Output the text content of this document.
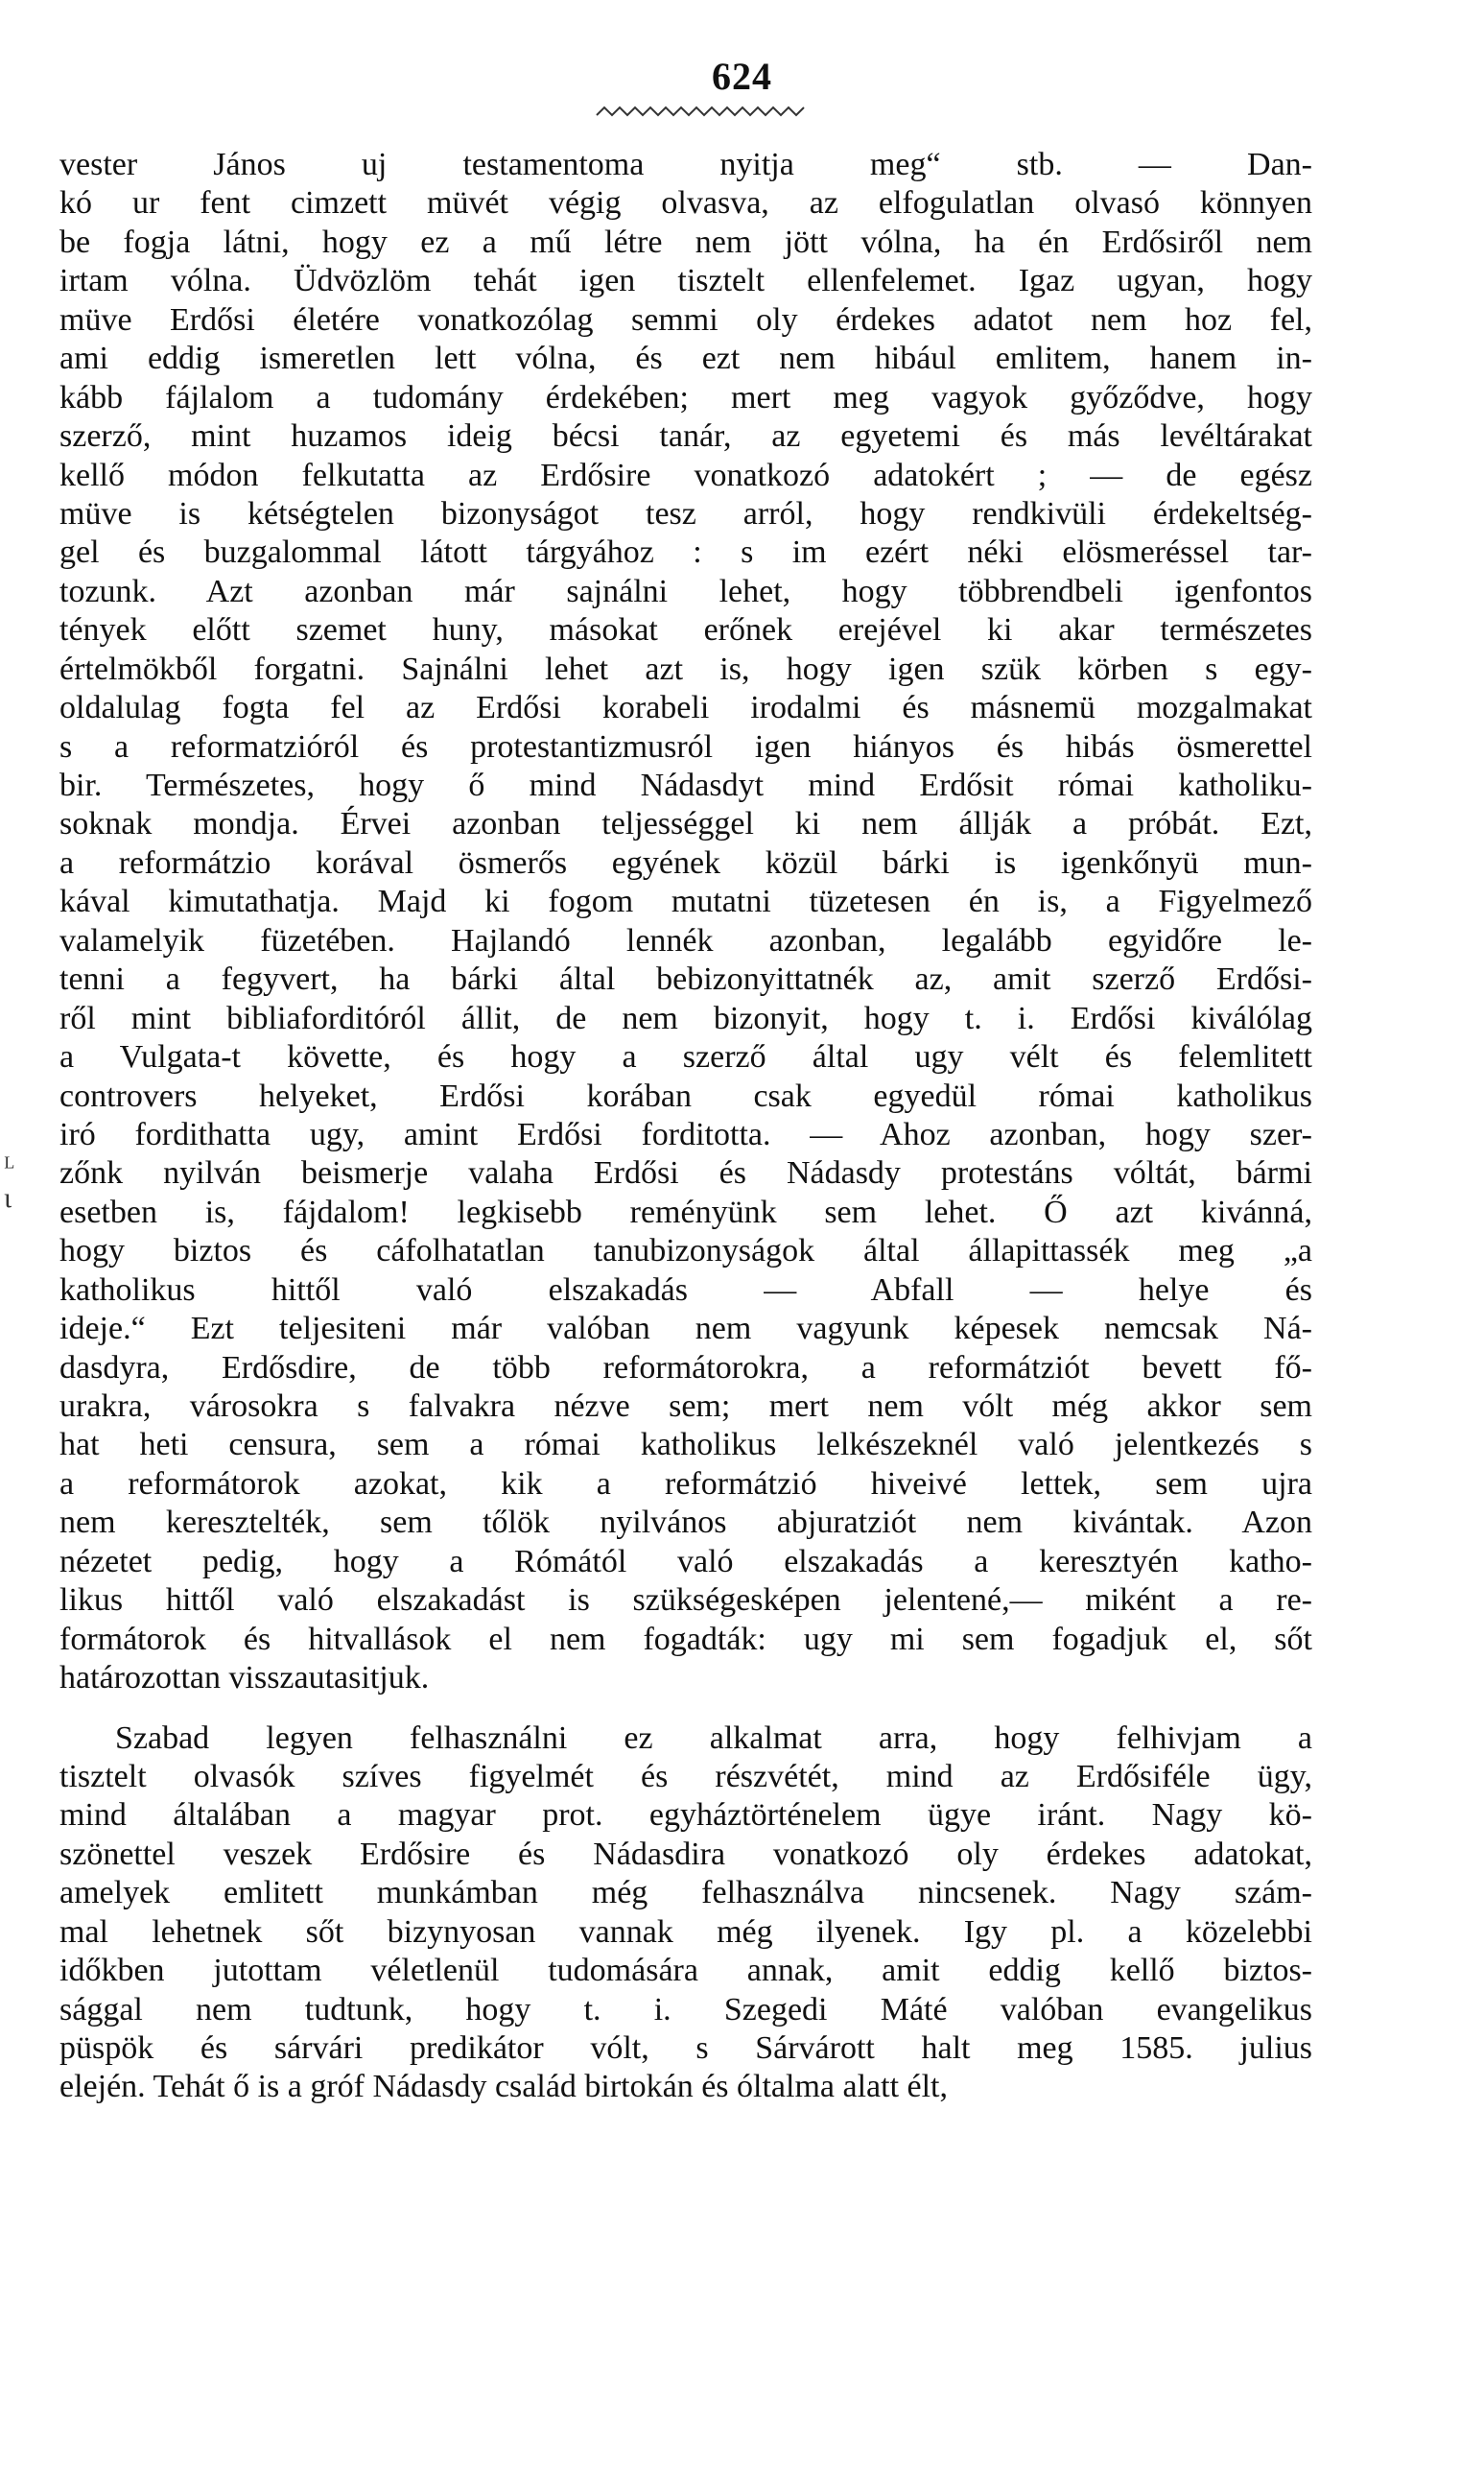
624
ᴸ
ι
vester János uj testamentoma nyitja meg“ stb. — Dan-
kó ur fent cimzett müvét végig olvasva, az elfogulatlan olvasó könnyen
be fogja látni, hogy ez a mű létre nem jött vólna, ha én Erdősiről nem
irtam vólna. Üdvözlöm tehát igen tisztelt ellenfelemet. Igaz ugyan, hogy
müve Erdősi életére vonatkozólag semmi oly érdekes adatot nem hoz fel,
ami eddig ismeretlen lett vólna, és ezt nem hibául emlitem, hanem in-
kább fájlalom a tudomány érdekében; mert meg vagyok győződve, hogy
szerző, mint huzamos ideig bécsi tanár, az egyetemi és más levéltárakat
kellő módon felkutatta az Erdősire vonatkozó adatokért ; — de egész
müve is kétségtelen bizonyságot tesz arról, hogy rendkivüli érdekeltség-
gel és buzgalommal látott tárgyához : s im ezért néki elösmeréssel tar-
tozunk. Azt azonban már sajnálni lehet, hogy többrendbeli igenfontos
tények előtt szemet huny, másokat erőnek erejével ki akar természetes
értelmökből forgatni. Sajnálni lehet azt is, hogy igen szük körben s egy-
oldalulag fogta fel az Erdősi korabeli irodalmi és másnemü mozgalmakat
s a reformatzióról és protestantizmusról igen hiányos és hibás ösmerettel
bir. Természetes, hogy ő mind Nádasdyt mind Erdősit római katholiku-
soknak mondja. Érvei azonban teljességgel ki nem állják a próbát. Ezt,
a reformátzio korával ösmerős egyének közül bárki is igenkőnyü mun-
kával kimutathatja. Majd ki fogom mutatni tüzetesen én is, a Figyelmező
valamelyik füzetében. Hajlandó lennék azonban, legalább egyidőre le-
tenni a fegyvert, ha bárki által bebizonyittatnék az, amit szerző Erdősi-
ről mint bibliaforditóról állit, de nem bizonyit, hogy t. i. Erdősi kiválólag
a Vulgata-t követte, és hogy a szerző által ugy vélt és felemlitett
controvers helyeket, Erdősi korában csak egyedül római katholikus
iró fordithatta ugy, amint Erdősi forditotta. — Ahoz azonban, hogy szer-
zőnk nyilván beismerje valaha Erdősi és Nádasdy protestáns vóltát, bármi
esetben is, fájdalom! legkisebb reményünk sem lehet. Ő azt kivánná,
hogy biztos és cáfolhatatlan tanubizonyságok által állapittassék meg „a
katholikus hittől való elszakadás — Abfall — helye és
ideje.“ Ezt teljesiteni már valóban nem vagyunk képesek nemcsak Ná-
dasdyra, Erdősdire, de több reformátorokra, a reformátziót bevett fő-
urakra, városokra s falvakra nézve sem; mert nem vólt még akkor sem
hat heti censura, sem a római katholikus lelkészeknél való jelentkezés s
a reformátorok azokat, kik a reformátzió hiveivé lettek, sem ujra
nem keresztelték, sem tőlök nyilvános abjuratziót nem kivántak. Azon
nézetet pedig, hogy a Rómától való elszakadás a keresztyén katho-
likus hittől való elszakadást is szükségesképen jelentené,— miként a re-
formátorok és hitvallások el nem fogadták: ugy mi sem fogadjuk el, sőt
határozottan visszautasitjuk.
Szabad legyen felhasználni ez alkalmat arra, hogy felhivjam a
tisztelt olvasók szíves figyelmét és részvétét, mind az Erdősiféle ügy,
mind általában a magyar prot. egyháztörténelem ügye iránt. Nagy kö-
szönettel veszek Erdősire és Nádasdira vonatkozó oly érdekes adatokat,
amelyek emlitett munkámban még felhasználva nincsenek. Nagy szám-
mal lehetnek sőt bizynyosan vannak még ilyenek. Igy pl. a közelebbi
időkben jutottam véletlenül tudomására annak, amit eddig kellő biztos-
sággal nem tudtunk, hogy t. i. Szegedi Máté valóban evangelikus
püspök és sárvári predikátor vólt, s Sárvárott halt meg 1585. julius
elején. Tehát ő is a gróf Nádasdy család birtokán és óltalma alatt élt,
